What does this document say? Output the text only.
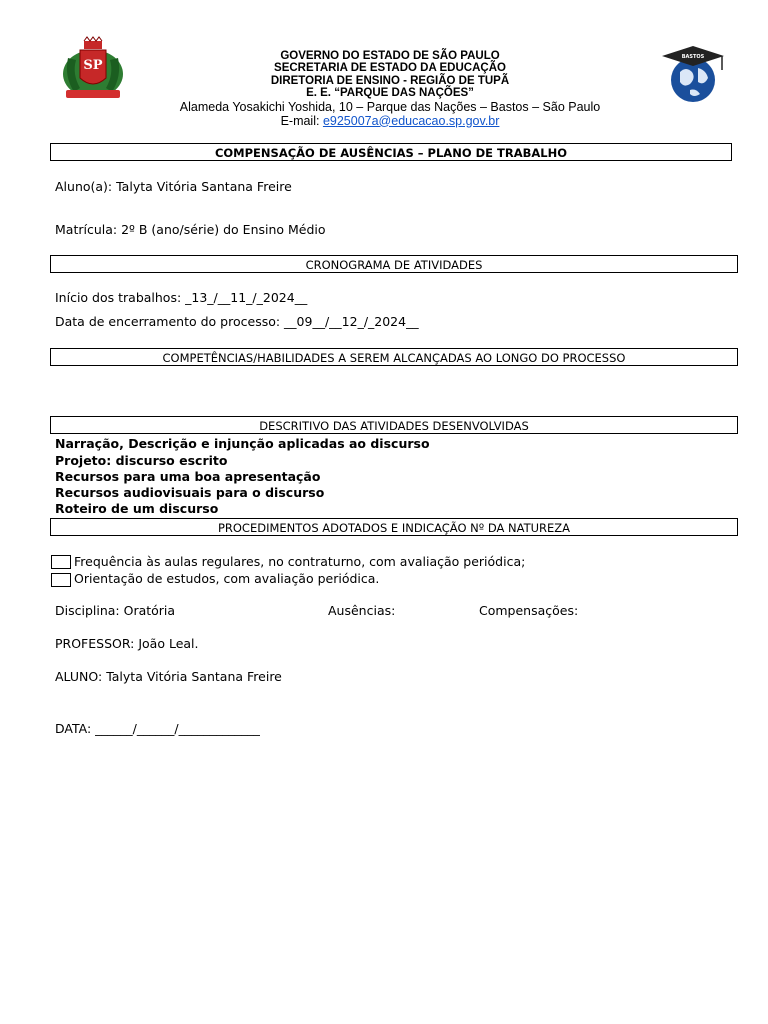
SP
BASTOS
GOVERNO DO ESTADO DE SÃO PAULO
SECRETARIA DE ESTADO DA EDUCAÇÃO
DIRETORIA DE ENSINO - REGIÃO DE TUPÃ
E. E. “PARQUE DAS NAÇÕES”
Alameda Yosakichi Yoshida, 10 – Parque das Nações – Bastos – São Paulo
E-mail: e925007a@educacao.sp.gov.br
COMPENSAÇÃO DE AUSÊNCIAS – PLANO DE TRABALHO
Aluno(a): Talyta Vitória Santana Freire
Matrícula: 2º B (ano/série) do Ensino Médio
CRONOGRAMA DE ATIVIDADES
Início dos trabalhos: _13_/__11_/_2024__
Data de encerramento do processo: __09__/__12_/_2024__
COMPETÊNCIAS/HABILIDADES A SEREM ALCANÇADAS AO LONGO DO PROCESSO
DESCRITIVO DAS ATIVIDADES DESENVOLVIDAS
Narração, Descrição e injunção aplicadas ao discurso
Projeto: discurso escrito
Recursos para uma boa apresentação
Recursos audiovisuais para o discurso
Roteiro de um discurso
PROCEDIMENTOS ADOTADOS E INDICAÇÃO Nº DA NATUREZA
Frequência às aulas regulares, no contraturno, com avaliação periódica;
Orientação de estudos, com avaliação periódica.
Disciplina: Oratória	Ausências:	Compensações:
PROFESSOR: João Leal.
ALUNO: Talyta Vitória Santana Freire
DATA: ______/______/_____________
